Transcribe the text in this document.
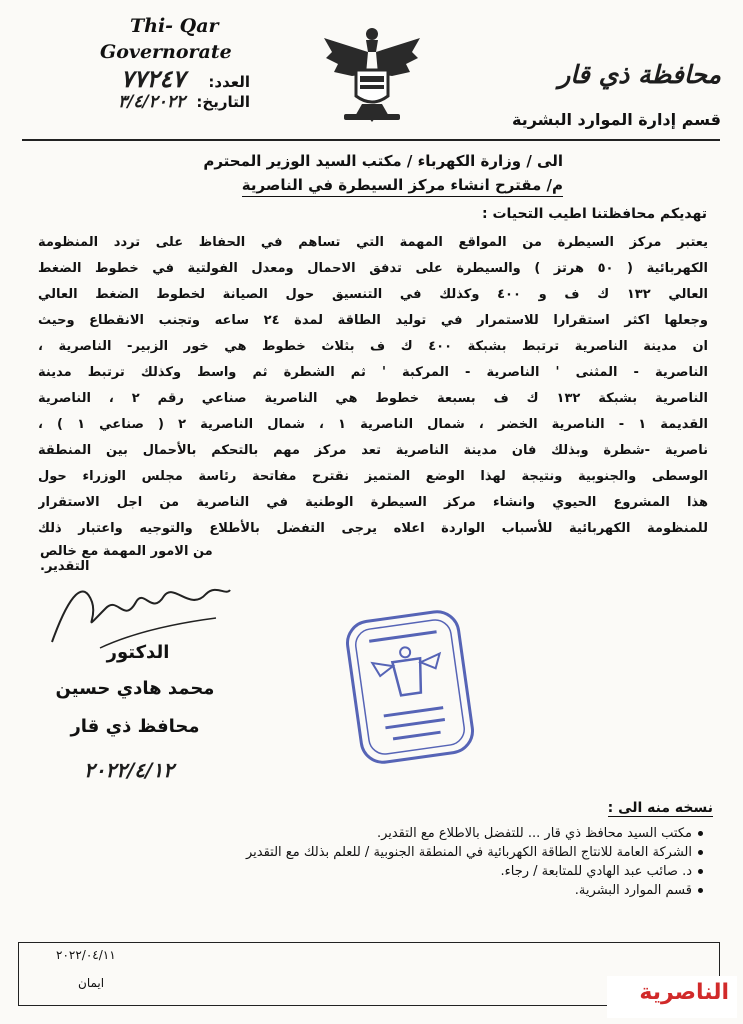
Thi- Qar
Governorate
العدد: ٧٧٢٤٧
التاريخ: ٣/٤/٢٠٢٢
محافظة ذي قار
قسم إدارة الموارد البشرية
الى / وزارة الكهرباء / مكتب السيد الوزير المحترم
م/ مقترح انشاء مركز السيطرة في الناصرية
تهديكم محافظتنا اطيب التحيات :
يعتبر مركز السيطرة من المواقع المهمة التي تساهم في الحفاظ على تردد المنظومة
الكهربائية ( ٥٠ هرتز ) والسيطرة على تدفق الاحمال ومعدل الفولتية في خطوط الضغط
العالي ١٣٢ ك ف و ٤٠٠ وكذلك في التنسيق حول الصيانة لخطوط الضغط العالي
وجعلها اكثر استقرارا للاستمرار في توليد الطاقة لمدة ٢٤ ساعه وتجنب الانقطاع وحيث
ان مدينة الناصرية ترتبط بشبكة ٤٠٠ ك ف بثلاث خطوط هي خور الزبير- الناصرية ،
الناصرية - المثنى ' الناصرية - المركبة ' ثم الشطرة ثم واسط وكذلك ترتبط مدينة
الناصرية بشبكة ١٣٢ ك ف بسبعة خطوط هي الناصرية صناعي رقم ٢ ، الناصرية
القديمة ١ - الناصرية الخضر ، شمال الناصرية ١ ، شمال الناصرية ٢ ( صناعي ١ ) ،
ناصرية -شطرة وبذلك فان مدينة الناصرية تعد مركز مهم بالتحكم بالأحمال بين المنطقة
الوسطى والجنوبية ونتيجة لهذا الوضع المتميز نقترح مفاتحة رئاسة مجلس الوزراء حول
هذا المشروع الحيوي وانشاء مركز السيطرة الوطنية في الناصرية من اجل الاستقرار
للمنظومة الكهربائية للأسباب الواردة اعلاه يرجى التفضل بالأطلاع والتوجيه واعتبار ذلك
من الامور المهمة مع خالص التقدير.
الدكتور
محمد هادي حسين
محافظ ذي قار
٢٠٢٢/٤/١٢
نسخه منه الى :
مكتب السيد محافظ ذي قار ... للتفضل بالاطلاع مع التقدير.
الشركة العامة للانتاج الطاقة الكهربائية في المنطقة الجنوبية / للعلم بذلك مع التقدير
د. صائب عبد الهادي للمتابعة / رجاء.
قسم الموارد البشرية.
٢٠٢٢/٠٤/١١
ايمان	الناصرية
